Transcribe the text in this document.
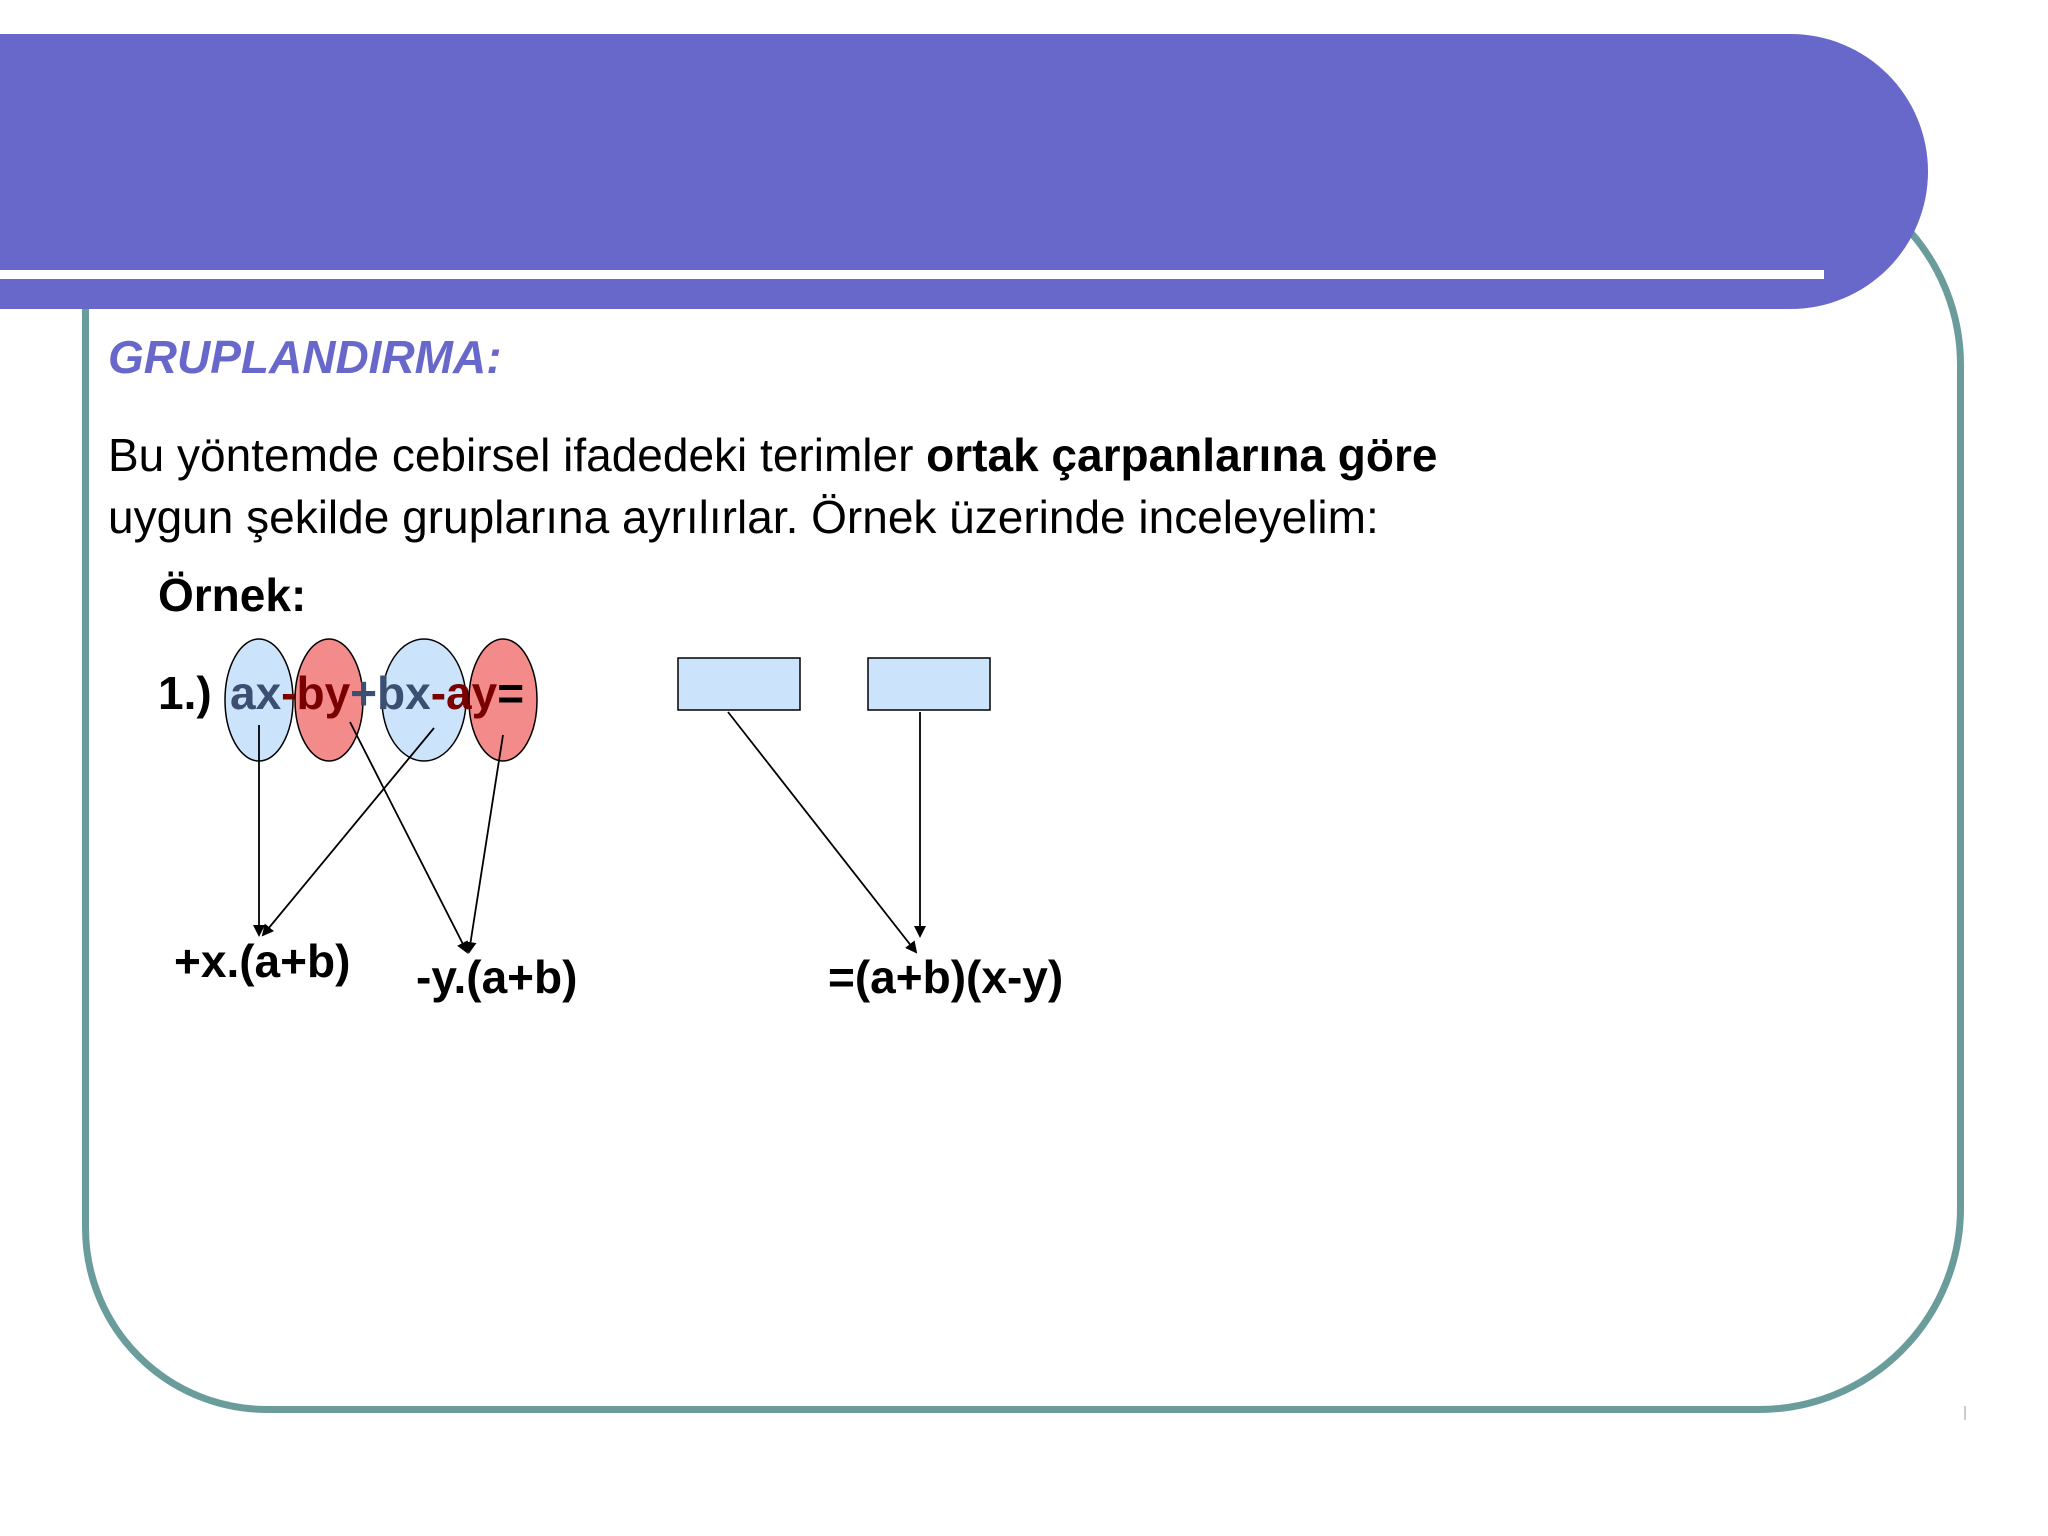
GRUPLANDIRMA:
Bu yöntemde cebirsel ifadedeki terimler ortak çarpanlarına göre
uygun şekilde gruplarına ayrılırlar. Örnek üzerinde inceleyelim:
Örnek:
1.) ax-by+bx-ay=
+x.(a+b) -y.(a+b)	=(a+b)(x-y)
